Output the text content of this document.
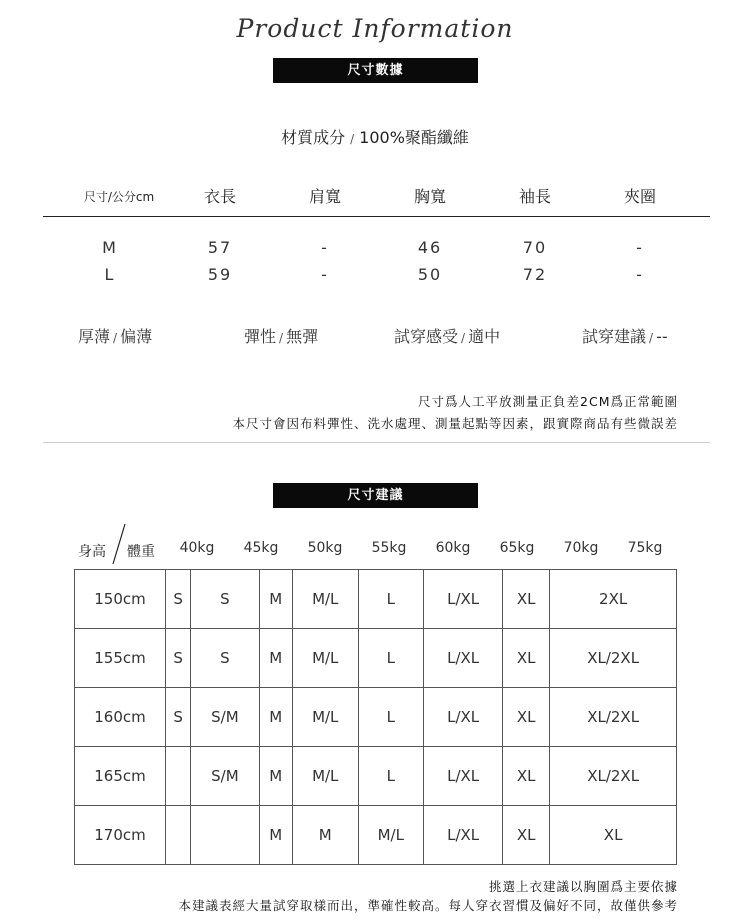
Product Information
尺寸數據
材質成分 / 100%聚酯纖維
尺寸/公分cm	衣長	肩寬	胸寬	袖長	夾圈
M	57	-	46	70	-
L	59	-	50	72	-
厚薄 / 偏薄	彈性 / 無彈	試穿感受 / 適中	試穿建議 / --
尺寸爲人工平放測量正負差2CM爲正常範圍
本尺寸會因布料彈性、洗水處理、測量起點等因素，跟實際商品有些微誤差
尺寸建議
身高 體重	40kg	45kg	50kg	55kg	60kg	65kg	70kg	75kg
150cm	S	S	M	M/L	L	L/XL	XL	2XL
155cm	S	S	M	M/L	L	L/XL	XL	XL/2XL
160cm	S	S/M	M	M/L	L	L/XL	XL	XL/2XL
165cm		S/M	M	M/L	L	L/XL	XL	XL/2XL
170cm			M	M	M/L	L/XL	XL	XL
挑選上衣建議以胸圍爲主要依據
本建議表經大量試穿取樣而出，準確性較高。每人穿衣習慣及偏好不同，故僅供參考
